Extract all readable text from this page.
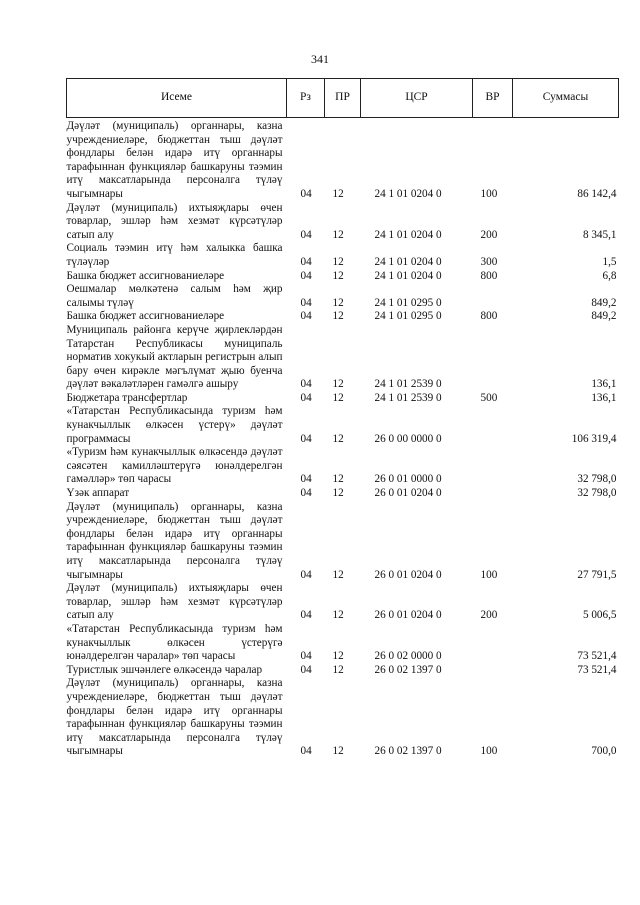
341
Исеме	Рз	ПР	ЦСР	ВР	Суммасы
Дәүләт (муниципаль) органнары, казна учреждениеләре, бюджеттан тыш дәүләт фондлары белән идарә итү органнары тарафыннан функцияләр башкаруны тәэмин итү максатларында персоналга түләү чыгымнары	04	12	24 1 01 0204 0	100	86 142,4
Дәүләт (муниципаль) ихтыяҗлары өчен товарлар, эшләр һәм хезмәт күрсәтүләр сатып алу	04	12	24 1 01 0204 0	200	8 345,1
Социаль тәэмин итү һәм халыкка башка түләүләр	04	12	24 1 01 0204 0	300	1,5
Башка бюджет ассигнованиеләре	04	12	24 1 01 0204 0	800	6,8
Оешмалар мөлкәтенә салым һәм җир салымы түләү	04	12	24 1 01 0295 0		849,2
Башка бюджет ассигнованиеләре	04	12	24 1 01 0295 0	800	849,2
Муниципаль районга керүче җирлекләрдән Татарстан Республикасы муниципаль норматив хокукый актларын регистрын алып бару өчен кирәкле мәгълүмат җыю буенча дәүләт вәкаләтләрен гамәлгә ашыру	04	12	24 1 01 2539 0		136,1
Бюджетара трансфертлар	04	12	24 1 01 2539 0	500	136,1
«Татарстан Республикасында туризм һәм кунакчыллык өлкәсен үстерү» дәүләт программасы	04	12	26 0 00 0000 0		106 319,4
«Туризм һәм кунакчыллык өлкәсендә дәүләт сәясәтен камилләштерүгә юнәлдерелгән гамәлләр» төп чарасы	04	12	26 0 01 0000 0		32 798,0
Үзәк аппарат	04	12	26 0 01 0204 0		32 798,0
Дәүләт (муниципаль) органнары, казна учреждениеләре, бюджеттан тыш дәүләт фондлары белән идарә итү органнары тарафыннан функцияләр башкаруны тәэмин итү максатларында персоналга түләү чыгымнары	04	12	26 0 01 0204 0	100	27 791,5
Дәүләт (муниципаль) ихтыяҗлары өчен товарлар, эшләр һәм хезмәт күрсәтүләр сатып алу	04	12	26 0 01 0204 0	200	5 006,5
«Татарстан Республикасында туризм һәм кунакчыллык өлкәсен үстерүгә юнәлдерелгән чаралар» төп чарасы	04	12	26 0 02 0000 0		73 521,4
Туристлык эшчәнлеге өлкәсендә чаралар	04	12	26 0 02 1397 0		73 521,4
Дәүләт (муниципаль) органнары, казна учреждениеләре, бюджеттан тыш дәүләт фондлары белән идарә итү органнары тарафыннан функцияләр башкаруны тәэмин итү максатларында персоналга түләү чыгымнары	04	12	26 0 02 1397 0	100	700,0
